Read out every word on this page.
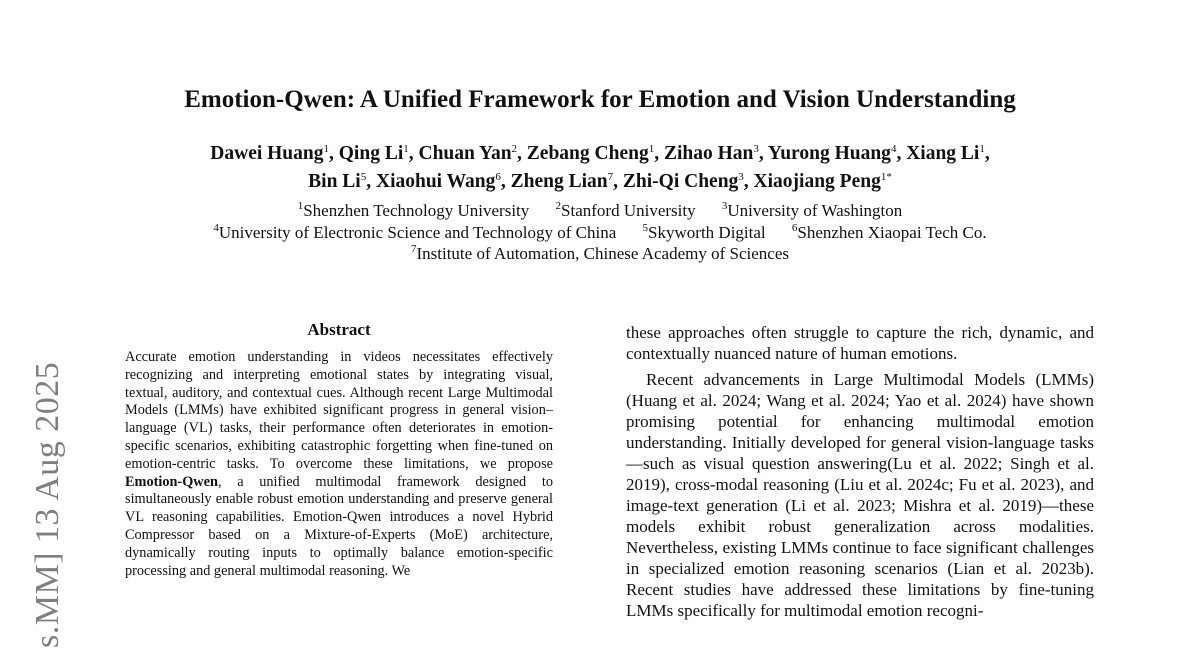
Emotion-Qwen: A Unified Framework for Emotion and Vision Understanding
Dawei Huang$^1$, Qing Li$^1$, Chuan Yan$^2$, Zebang Cheng$^1$, Zihao Han$^3$, Yurong Huang$^4$, Xiang Li$^1$,
Bin Li$^5$, Xiaohui Wang$^6$, Zheng Lian$^7$, Zhi-Qi Cheng$^3$, Xiaojiang Peng$^{1*}$
$^1$Shenzhen Technology University $^2$Stanford University $^3$University of Washington
$^4$University of Electronic Science and Technology of China $^5$Skyworth Digital $^6$Shenzhen Xiaopai Tech Co.
$^7$Institute of Automation, Chinese Academy of Sciences
s.MM] 13 Aug 2025
Abstract
Accurate emotion understanding in videos necessitates effectively recognizing and interpreting emotional states by integrating visual, textual, auditory, and contextual cues. Although recent Large Multimodal Models (LMMs) have exhibited significant progress in general vision–language (VL) tasks, their performance often deteriorates in emotion-specific scenarios, exhibiting catastrophic forgetting when fine-tuned on emotion-centric tasks. To overcome these limitations, we propose Emotion-Qwen, a unified multimodal framework designed to simultaneously enable robust emotion understanding and preserve general VL reasoning capabilities. Emotion-Qwen introduces a novel Hybrid Compressor based on a Mixture-of-Experts (MoE) architecture, dynamically routing inputs to optimally balance emotion-specific processing and general multimodal reasoning. We

these approaches often struggle to capture the rich, dynamic, and contextually nuanced nature of human emotions.

Recent advancements in Large Multimodal Models (LMMs)(Huang et al. 2024; Wang et al. 2024; Yao et al. 2024) have shown promising potential for enhancing multimodal emotion understanding. Initially developed for general vision-language tasks—such as visual question answering(Lu et al. 2022; Singh et al. 2019), cross-modal reasoning (Liu et al. 2024c; Fu et al. 2023), and image-text generation (Li et al. 2023; Mishra et al. 2019)—these models exhibit robust generalization across modalities. Nevertheless, existing LMMs continue to face significant challenges in specialized emotion reasoning scenarios (Lian et al. 2023b). Recent studies have addressed these limitations by fine-tuning LMMs specifically for multimodal emotion recogni-
